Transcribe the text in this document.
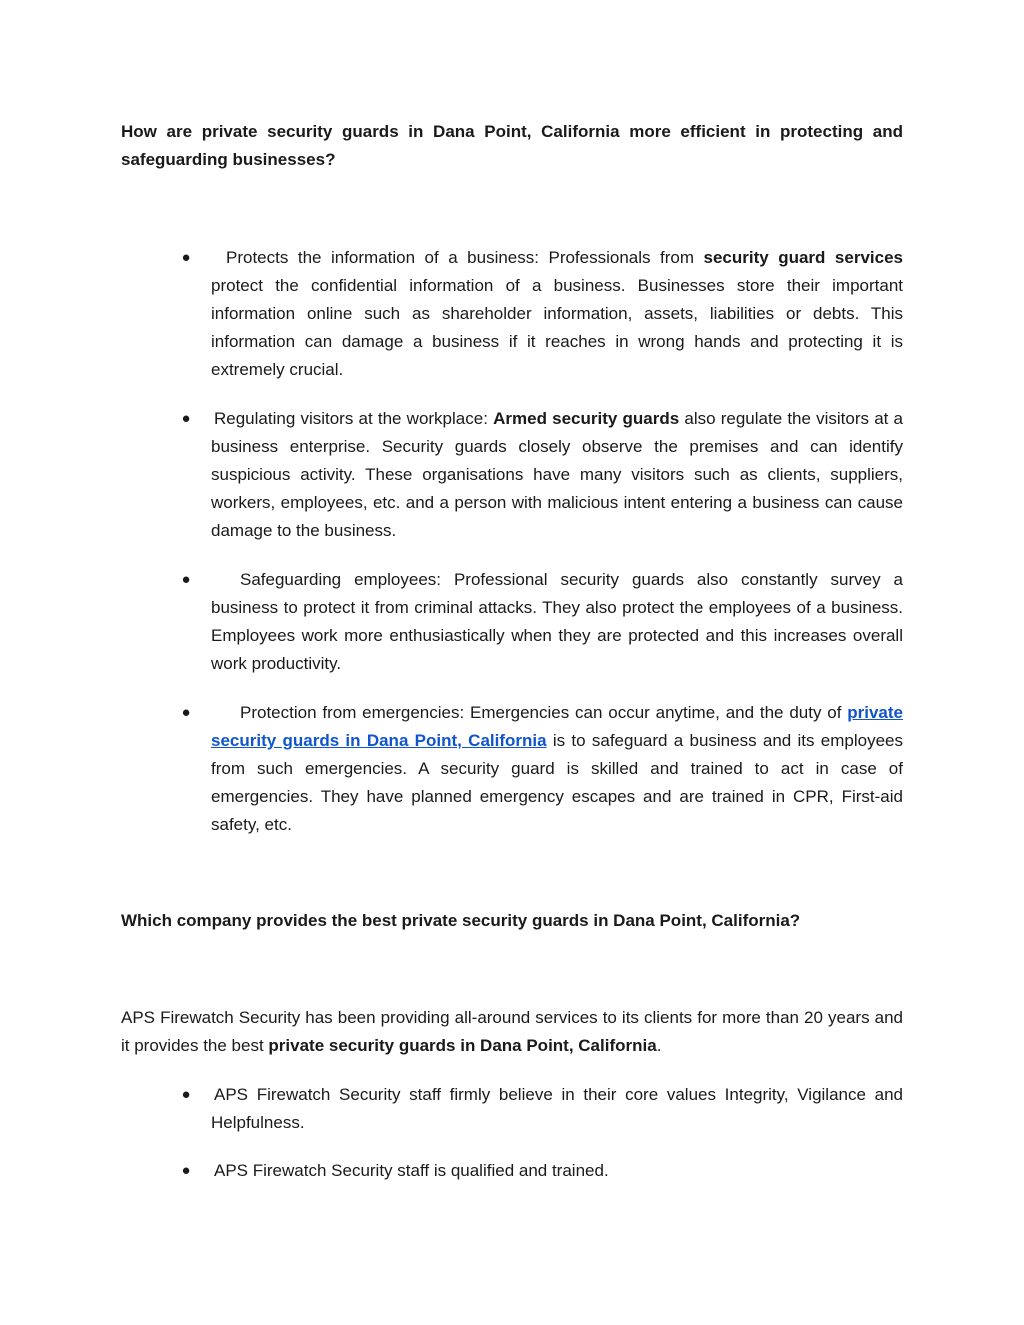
How are private security guards in Dana Point, California more efficient in protecting and safeguarding businesses?

● Protects the information of a business: Professionals from security guard services protect the confidential information of a business. Businesses store their important information online such as shareholder information, assets, liabilities or debts. This information can damage a business if it reaches in wrong hands and protecting it is extremely crucial.
● Regulating visitors at the workplace: Armed security guards also regulate the visitors at a business enterprise. Security guards closely observe the premises and can identify suspicious activity. These organisations have many visitors such as clients, suppliers, workers, employees, etc. and a person with malicious intent entering a business can cause damage to the business.
●	Safeguarding employees: Professional security guards also constantly survey a business to protect it from criminal attacks. They also protect the employees of a business. Employees work more enthusiastically when they are protected and this increases overall work productivity.
●	Protection from emergencies: Emergencies can occur anytime, and the duty of private security guards in Dana Point, California is to safeguard a business and its employees from such emergencies. A security guard is skilled and trained to act in case of emergencies. They have planned emergency escapes and are trained in CPR, First-aid safety, etc.

Which company provides the best private security guards in Dana Point, California?

APS Firewatch Security has been providing all-around services to its clients for more than 20 years and it provides the best private security guards in Dana Point, California.

● APS Firewatch Security staff firmly believe in their core values Integrity, Vigilance and Helpfulness.
● APS Firewatch Security staff is qualified and trained.
